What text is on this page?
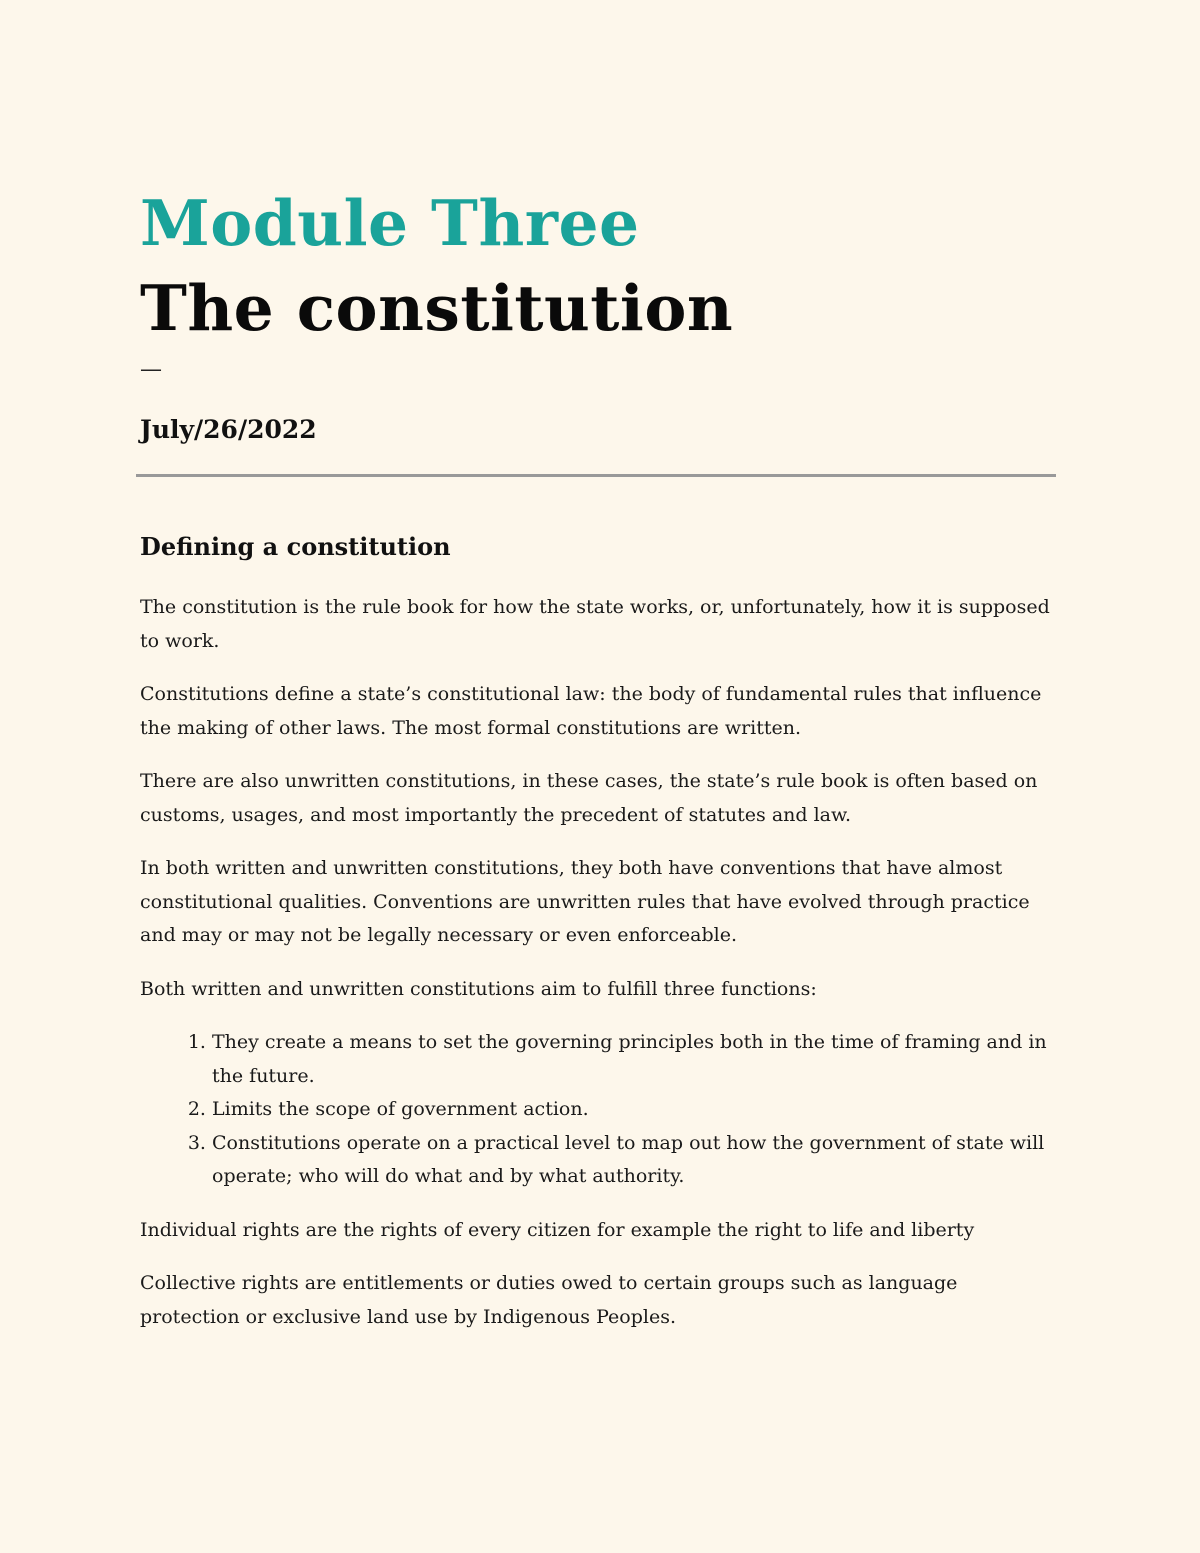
Module Three
The constitution
—
July/26/2022
Defining a constitution

The constitution is the rule book for how the state works, or, unfortunately, how it is supposed to work.

Constitutions define a state’s constitutional law: the body of fundamental rules that influence the making of other laws. The most formal constitutions are written.

There are also unwritten constitutions, in these cases, the state’s rule book is often based on customs, usages, and most importantly the precedent of statutes and law.

In both written and unwritten constitutions, they both have conventions that have almost constitutional qualities. Conventions are unwritten rules that have evolved through practice and may or may not be legally necessary or even enforceable.

Both written and unwritten constitutions aim to fulfill three functions:

1. They create a means to set the governing principles both in the time of framing and in the future.
2. Limits the scope of government action.
3. Constitutions operate on a practical level to map out how the government of state will operate; who will do what and by what authority.

Individual rights are the rights of every citizen for example the right to life and liberty

Collective rights are entitlements or duties owed to certain groups such as language protection or exclusive land use by Indigenous Peoples.
